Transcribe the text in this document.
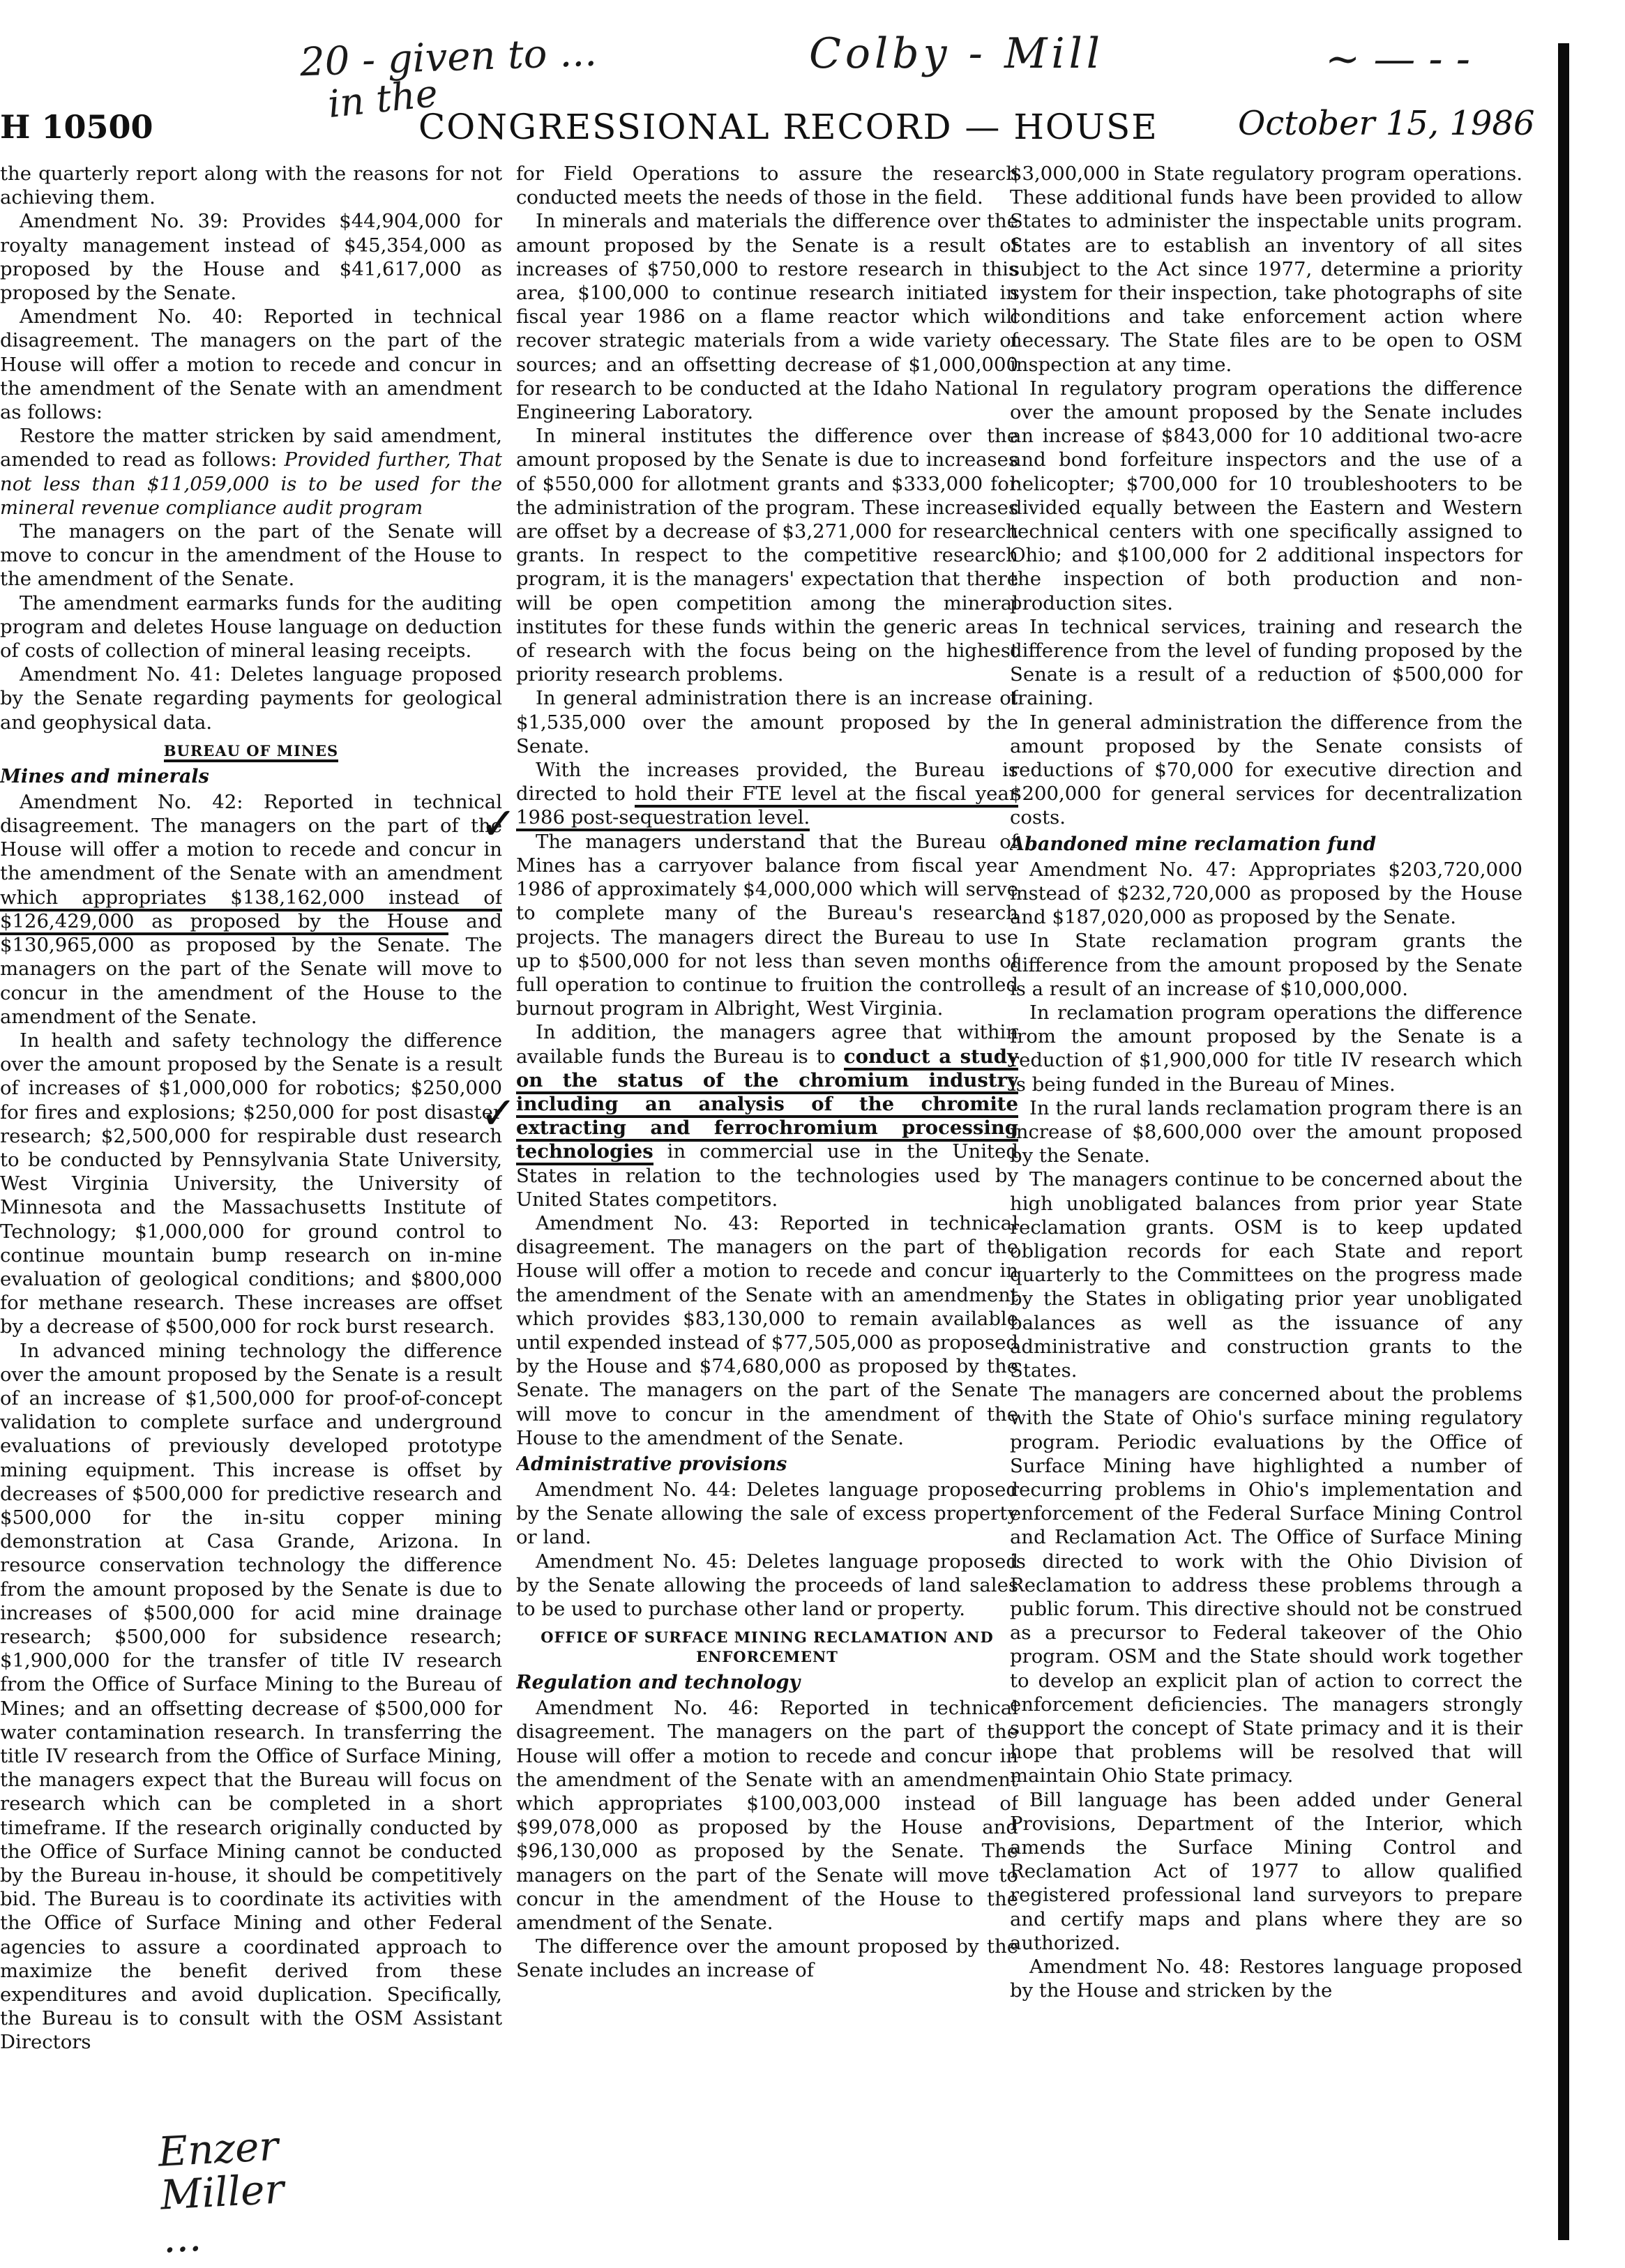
20 - given to ...	Colby - Mill	~ — - -
in the
Enzer
Miller
...
H 10500	CONGRESSIONAL RECORD — HOUSE October 15, 1986
✓
✓

the quarterly report along with the reasons for not achieving them.

Amendment No. 39: Provides $44,904,000 for royalty management instead of $45,354,000 as proposed by the House and $41,617,000 as proposed by the Senate.

Amendment No. 40: Reported in technical disagreement. The managers on the part of the House will offer a motion to recede and concur in the amendment of the Senate with an amendment as follows:

Restore the matter stricken by said amendment, amended to read as follows: Provided further, That not less than $11,059,000 is to be used for the mineral revenue compliance audit program

The managers on the part of the Senate will move to concur in the amendment of the House to the amendment of the Senate.

The amendment earmarks funds for the auditing program and deletes House language on deduction of costs of collection of mineral leasing receipts.

Amendment No. 41: Deletes language proposed by the Senate regarding payments for geological and geophysical data.

BUREAU OF MINES
Mines and minerals

Amendment No. 42: Reported in technical disagreement. The managers on the part of the House will offer a motion to recede and concur in the amendment of the Senate with an amendment which appropriates $138,162,000 instead of $126,429,000 as proposed by the House and $130,965,000 as proposed by the Senate. The managers on the part of the Senate will move to concur in the amendment of the House to the amendment of the Senate.

In health and safety technology the difference over the amount proposed by the Senate is a result of increases of $1,000,000 for robotics; $250,000 for fires and explosions; $250,000 for post disaster research; $2,500,000 for respirable dust research to be conducted by Pennsylvania State University, West Virginia University, the University of Minnesota and the Massachusetts Institute of Technology; $1,000,000 for ground control to continue mountain bump research on in-mine evaluation of geological conditions; and $800,000 for methane research. These increases are offset by a decrease of $500,000 for rock burst research.

In advanced mining technology the difference over the amount proposed by the Senate is a result of an increase of $1,500,000 for proof-of-concept validation to complete surface and underground evaluations of previously developed prototype mining equipment. This increase is offset by decreases of $500,000 for predictive research and $500,000 for the in-situ copper mining demonstration at Casa Grande, Arizona. In resource conservation technology the difference from the amount proposed by the Senate is due to increases of $500,000 for acid mine drainage research; $500,000 for subsidence research; $1,900,000 for the transfer of title IV research from the Office of Surface Mining to the Bureau of Mines; and an offsetting decrease of $500,000 for water contamination research. In transferring the title IV research from the Office of Surface Mining, the managers expect that the Bureau will focus on research which can be completed in a short timeframe. If the research originally conducted by the Office of Surface Mining cannot be conducted by the Bureau in-house, it should be competitively bid. The Bureau is to coordinate its activities with the Office of Surface Mining and other Federal agencies to assure a coordinated approach to maximize the benefit derived from these expenditures and avoid duplication. Specifically, the Bureau is to consult with the OSM Assistant Directors

for Field Operations to assure the research conducted meets the needs of those in the field.

In minerals and materials the difference over the amount proposed by the Senate is a result of increases of $750,000 to restore research in this area, $100,000 to continue research initiated in fiscal year 1986 on a flame reactor which will recover strategic materials from a wide variety of sources; and an offsetting decrease of $1,000,000 for research to be conducted at the Idaho National Engineering Laboratory.

In mineral institutes the difference over the amount proposed by the Senate is due to increases of $550,000 for allotment grants and $333,000 for the administration of the program. These increases are offset by a decrease of $3,271,000 for research grants. In respect to the competitive research program, it is the managers' expectation that there will be open competition among the mineral institutes for these funds within the generic areas of research with the focus being on the highest priority research problems.

In general administration there is an increase of $1,535,000 over the amount proposed by the Senate.

With the increases provided, the Bureau is directed to hold their FTE level at the fiscal year 1986 post-sequestration level.

The managers understand that the Bureau of Mines has a carryover balance from fiscal year 1986 of approximately $4,000,000 which will serve to complete many of the Bureau's research projects. The managers direct the Bureau to use up to $500,000 for not less than seven months of full operation to continue to fruition the controlled burnout program in Albright, West Virginia.

In addition, the managers agree that within available funds the Bureau is to conduct a study on the status of the chromium industry including an analysis of the chromite extracting and ferrochromium processing technologies in commercial use in the United States in relation to the technologies used by United States competitors.

Amendment No. 43: Reported in technical disagreement. The managers on the part of the House will offer a motion to recede and concur in the amendment of the Senate with an amendment which provides $83,130,000 to remain available until expended instead of $77,505,000 as proposed by the House and $74,680,000 as proposed by the Senate. The managers on the part of the Senate will move to concur in the amendment of the House to the amendment of the Senate.

Administrative provisions

Amendment No. 44: Deletes language proposed by the Senate allowing the sale of excess property or land.

Amendment No. 45: Deletes language proposed by the Senate allowing the proceeds of land sales to be used to purchase other land or property.

OFFICE OF SURFACE MINING RECLAMATION AND ENFORCEMENT
Regulation and technology

Amendment No. 46: Reported in technical disagreement. The managers on the part of the House will offer a motion to recede and concur in the amendment of the Senate with an amendment which appropriates $100,003,000 instead of $99,078,000 as proposed by the House and $96,130,000 as proposed by the Senate. The managers on the part of the Senate will move to concur in the amendment of the House to the amendment of the Senate.

The difference over the amount proposed by the Senate includes an increase of

$3,000,000 in State regulatory program operations. These additional funds have been provided to allow States to administer the inspectable units program. States are to establish an inventory of all sites subject to the Act since 1977, determine a priority system for their inspection, take photographs of site conditions and take enforcement action where necessary. The State files are to be open to OSM inspection at any time.

In regulatory program operations the difference over the amount proposed by the Senate includes an increase of $843,000 for 10 additional two-acre and bond forfeiture inspectors and the use of a helicopter; $700,000 for 10 troubleshooters to be divided equally between the Eastern and Western technical centers with one specifically assigned to Ohio; and $100,000 for 2 additional inspectors for the inspection of both production and non-production sites.

In technical services, training and research the difference from the level of funding proposed by the Senate is a result of a reduction of $500,000 for training.

In general administration the difference from the amount proposed by the Senate consists of reductions of $70,000 for executive direction and $200,000 for general services for decentralization costs.

Abandoned mine reclamation fund

Amendment No. 47: Appropriates $203,720,000 instead of $232,720,000 as proposed by the House and $187,020,000 as proposed by the Senate.

In State reclamation program grants the difference from the amount proposed by the Senate is a result of an increase of $10,000,000.

In reclamation program operations the difference from the amount proposed by the Senate is a reduction of $1,900,000 for title IV research which is being funded in the Bureau of Mines.

In the rural lands reclamation program there is an increase of $8,600,000 over the amount proposed by the Senate.

The managers continue to be concerned about the high unobligated balances from prior year State reclamation grants. OSM is to keep updated obligation records for each State and report quarterly to the Committees on the progress made by the States in obligating prior year unobligated balances as well as the issuance of any administrative and construction grants to the States.

The managers are concerned about the problems with the State of Ohio's surface mining regulatory program. Periodic evaluations by the Office of Surface Mining have highlighted a number of recurring problems in Ohio's implementation and enforcement of the Federal Surface Mining Control and Reclamation Act. The Office of Surface Mining is directed to work with the Ohio Division of Reclamation to address these problems through a public forum. This directive should not be construed as a precursor to Federal takeover of the Ohio program. OSM and the State should work together to develop an explicit plan of action to correct the enforcement deficiencies. The managers strongly support the concept of State primacy and it is their hope that problems will be resolved that will maintain Ohio State primacy.

Bill language has been added under General Provisions, Department of the Interior, which amends the Surface Mining Control and Reclamation Act of 1977 to allow qualified registered professional land surveyors to prepare and certify maps and plans where they are so authorized.

Amendment No. 48: Restores language proposed by the House and stricken by the
